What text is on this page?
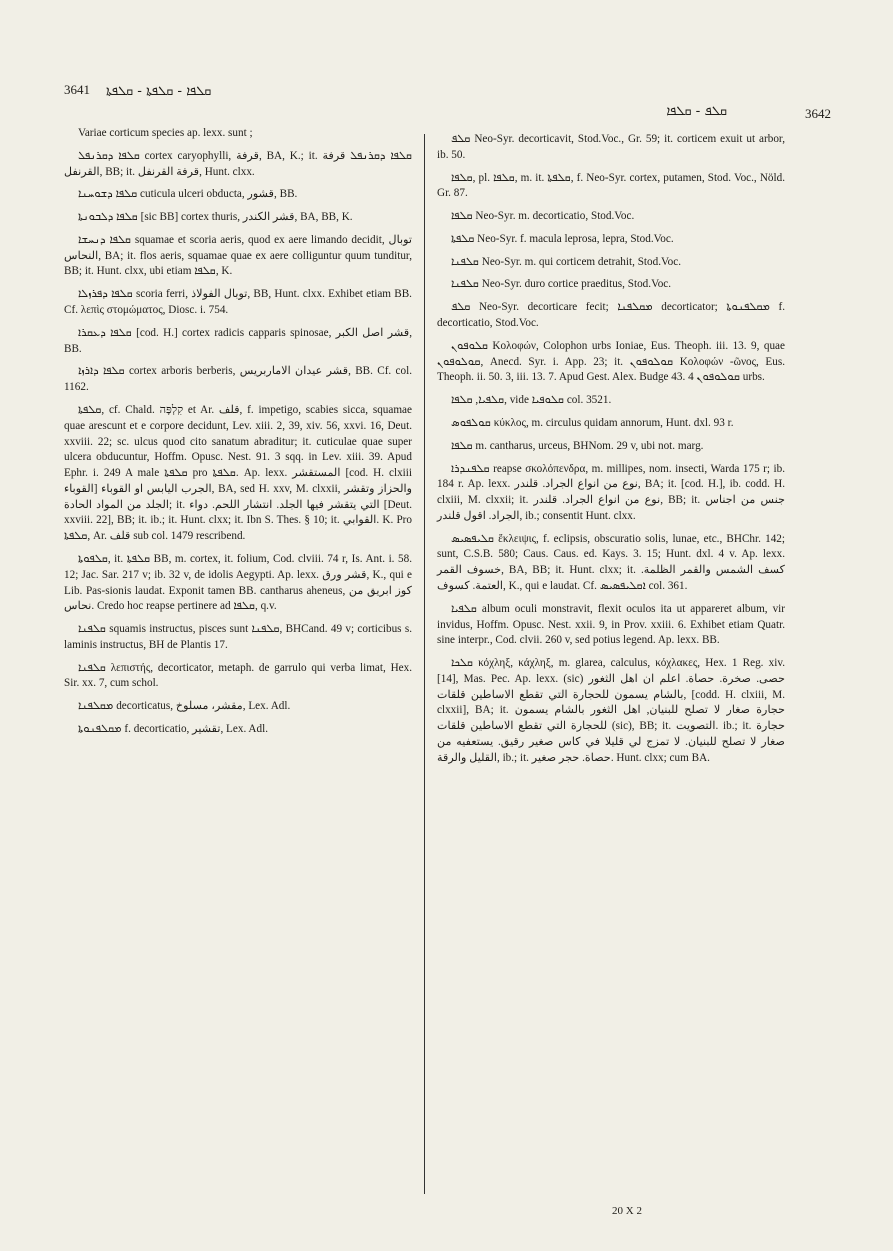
3641 ܩܠܦܐ - ܩܠܦܬܐ - ܩܠܦܬܐ
ܩܠܦ - ܩܠܦܐ	3642

Variae corticum species ap. lexx. sunt ;

ܩܠܦܐ ܕܩܪܢܦܠ cortex caryophylli, قرفة, BA, K.; it. ܩܠܦܐ ܕܩܪܢܦܠ قرفة القرنفل, BB; it. قرفة القرنفل, Hunt. clxx.

ܩܠܦܐ ܕܫܘܚܢܐ cuticula ulceri obducta, قشور, BB.

ܩܠܦܐ ܕܠܒܘܢܬܐ [sic BB] cortex thuris, قشر الكندر, BA, BB, K.

ܩܠܦܐ ܕܢܚܫܐ squamae et scoria aeris, quod ex aere limando decidit, توبال النحاس, BA; it. flos aeris, squamae quae ex aere colliguntur quum tunditur, BB; it. Hunt. clxx, ubi etiam ܩܠܦܐ, K.

ܩܠܦܐ ܕܦܪܙܠܐ scoria ferri, توبال الفولاذ, BB, Hunt. clxx. Exhibet etiam BB. Cf. λεπὶς στομώματος, Diosc. i. 754.

ܩܠܦܐ ܕܥܩܪܐ [cod. H.] cortex radicis capparis spinosae, قشر اصل الكبر, BB.

ܩܠܦܐ ܕܐܪܙܐ cortex arboris berberis, قشر عيدان الاماربريس, BB. Cf. col. 1162.

ܩܠܦܬܐ, cf. Chald. קִלְפָּה et Ar. قلف, f. impetigo, scabies sicca, squamae quae arescunt et e corpore decidunt, Lev. xiii. 2, 39, xiv. 56, xxvi. 16, Deut. xxviii. 22; sc. ulcus quod cito sanatum abraditur; it. cuticulae quae super ulcera obducuntur, Hoffm. Opusc. Nest. 91. 3 sqq. in Lev. xiii. 39. Apud Ephr. i. 249 A male ܩܠܦܬܐ pro ܩܠܦܬܐ. Ap. lexx. المستقشر [cod. H. clxiii القوباء] الجرب اليابس او القوباء, BA, sed H. xxv, M. clxxii, والحزاز وتقشر الجلد من المواد الحادة; it. التي يتقشر فيها الجلد. انتشار اللحم. دواء [Deut. xxviii. 22], BB; it. ib.; it. Hunt. clxx; it. Ibn S. Thes. § 10; it. القوابي. K. Pro ܩܠܦܬܐ, Ar. قلف sub col. 1479 rescribend.

ܩܠܦܘܬܐ, it. ܩܠܦܬܐ BB, m. cortex, it. folium, Cod. clviii. 74 r, Is. Ant. i. 58. 12; Jac. Sar. 217 v; ib. 32 v, de idolis Aegypti. Ap. lexx. قشر ورق, K., qui e Lib. Pas-sionis laudat. Exponit tamen BB. cantharus aheneus, كوز ابريق من نحاس. Credo hoc reapse pertinere ad ܩܠܦܐ, q.v.

ܩܠܦܢܐ squamis instructus, pisces sunt ܩܠܦܢܐ, BHCand. 49 v; corticibus s. laminis instructus, BH de Plantis 17.

ܩܠܦܢܐ λεπιστής, decorticator, metaph. de garrulo qui verba limat, Hex. Sir. xx. 7, cum schol.

ܡܩܠܦܢܐ decorticatus, مقشر، مسلوخ, Lex. Adl.

ܡܩܠܦܢܘܬܐ f. decorticatio, تقشير, Lex. Adl.

ܩܠܦ Neo-Syr. decorticavit, Stod.Voc., Gr. 59; it. corticem exuit ut arbor, ib. 50.

ܩܠܦܐ, pl. ܩܠܦܐ, m. it. ܩܠܦܬܐ, f. Neo-Syr. cortex, putamen, Stod. Voc., Nöld. Gr. 87.

ܩܠܦܐ Neo-Syr. m. decorticatio, Stod.Voc.

ܩܠܦܬܐ Neo-Syr. f. macula leprosa, lepra, Stod.Voc.

ܩܠܦܢܐ Neo-Syr. m. qui corticem detrahit, Stod.Voc.

ܩܠܦܢܐ Neo-Syr. duro cortice praeditus, Stod.Voc.

ܩܠܦ Neo-Syr. decorticare fecit; ܡܩܠܦܢܐ decorticator; ܡܩܠܦܢܘܬܐ f. decorticatio, Stod.Voc.

ܩܠܘܦܘܢ Κολοφών, Colophon urbs Ioniae, Eus. Theoph. iii. 13. 9, quae ܩܘܠܘܦܘܢ, Anecd. Syr. i. App. 23; it. ܩܘܠܘܦܘܢ Κολοφών -ῶνος, Eus. Theoph. ii. 50. 3, iii. 13. 7. Apud Gest. Alex. Budge 43. 4 ܩܘܠܘܦܘܢ urbs.

ܩܠܦܝܐ, ܩܠܦܐ, vide ܩܠܘܦܝܐ col. 3521.

ܩܘܠܦܘܣ κύκλος, m. circulus quidam annorum, Hunt. dxl. 93 r.

ܩܠܦܐ m. cantharus, urceus, BHNom. 29 v, ubi not. marg.

ܩܠܦܢܕܪܐ reapse σκολόπενδρα, m. millipes, nom. insecti, Warda 175 r; ib. 184 r. Ap. lexx. نوع من انواع الجراد. قلندر, BA; it. [cod. H.], ib. codd. H. clxiii, M. clxxii; it. نوع من انواع الجراد. قلندر, BB; it. جنس من اجناس الجراد. اقول قلندر, ib.; consentit Hunt. clxx.

ܩܠܝܦܣܝܣ ἔκλειψις, f. eclipsis, obscuratio solis, lunae, etc., BHChr. 142; sunt, C.S.B. 580; Caus. Caus. ed. Kays. 3. 15; Hunt. dxl. 4 v. Ap. lexx. خسوف القمر, BA, BB; it. Hunt. clxx; it. كسف الشمس والقمر الظلمة. العتمة. كسوف, K., qui e laudat. Cf. ܐܩܠܝܦܣܝܣ col. 361.

ܩܠܦܝܐ album oculi monstravit, flexit oculos ita ut appareret album, vir invidus, Hoffm. Opusc. Nest. xxii. 9, in Prov. xxiii. 6. Exhibet etiam Quatr. sine interpr., Cod. clvii. 260 v, sed potius legend. Ap. lexx. BB.

ܩܠܟܐ κόχληξ, κάχληξ, m. glarea, calculus, κόχλακες, Hex. 1 Reg. xiv. [14], Mas. Pec. Ap. lexx. (sic) حصى. صخرة. حصاة. اعلم ان اهل الثغور بالشام يسمون للحجارة التي تقطع الاساطين قلقات, [codd. H. clxiii, M. clxxii], BA; it. حجارة صغار لا تصلح للبنيان, اهل الثغور بالشام يسمون للحجارة التي تقطع الاساطين قلقات (sic), BB; it. التصويت. ib.; it. حجارة صغار لا تصلح للبنيان. لا تمزج لي قليلا في كاس صغير رقيق. يستعفيه من القليل والرقة, ib.; it. حصاة. حجر صغير. Hunt. clxx; cum BA.

20 X 2
